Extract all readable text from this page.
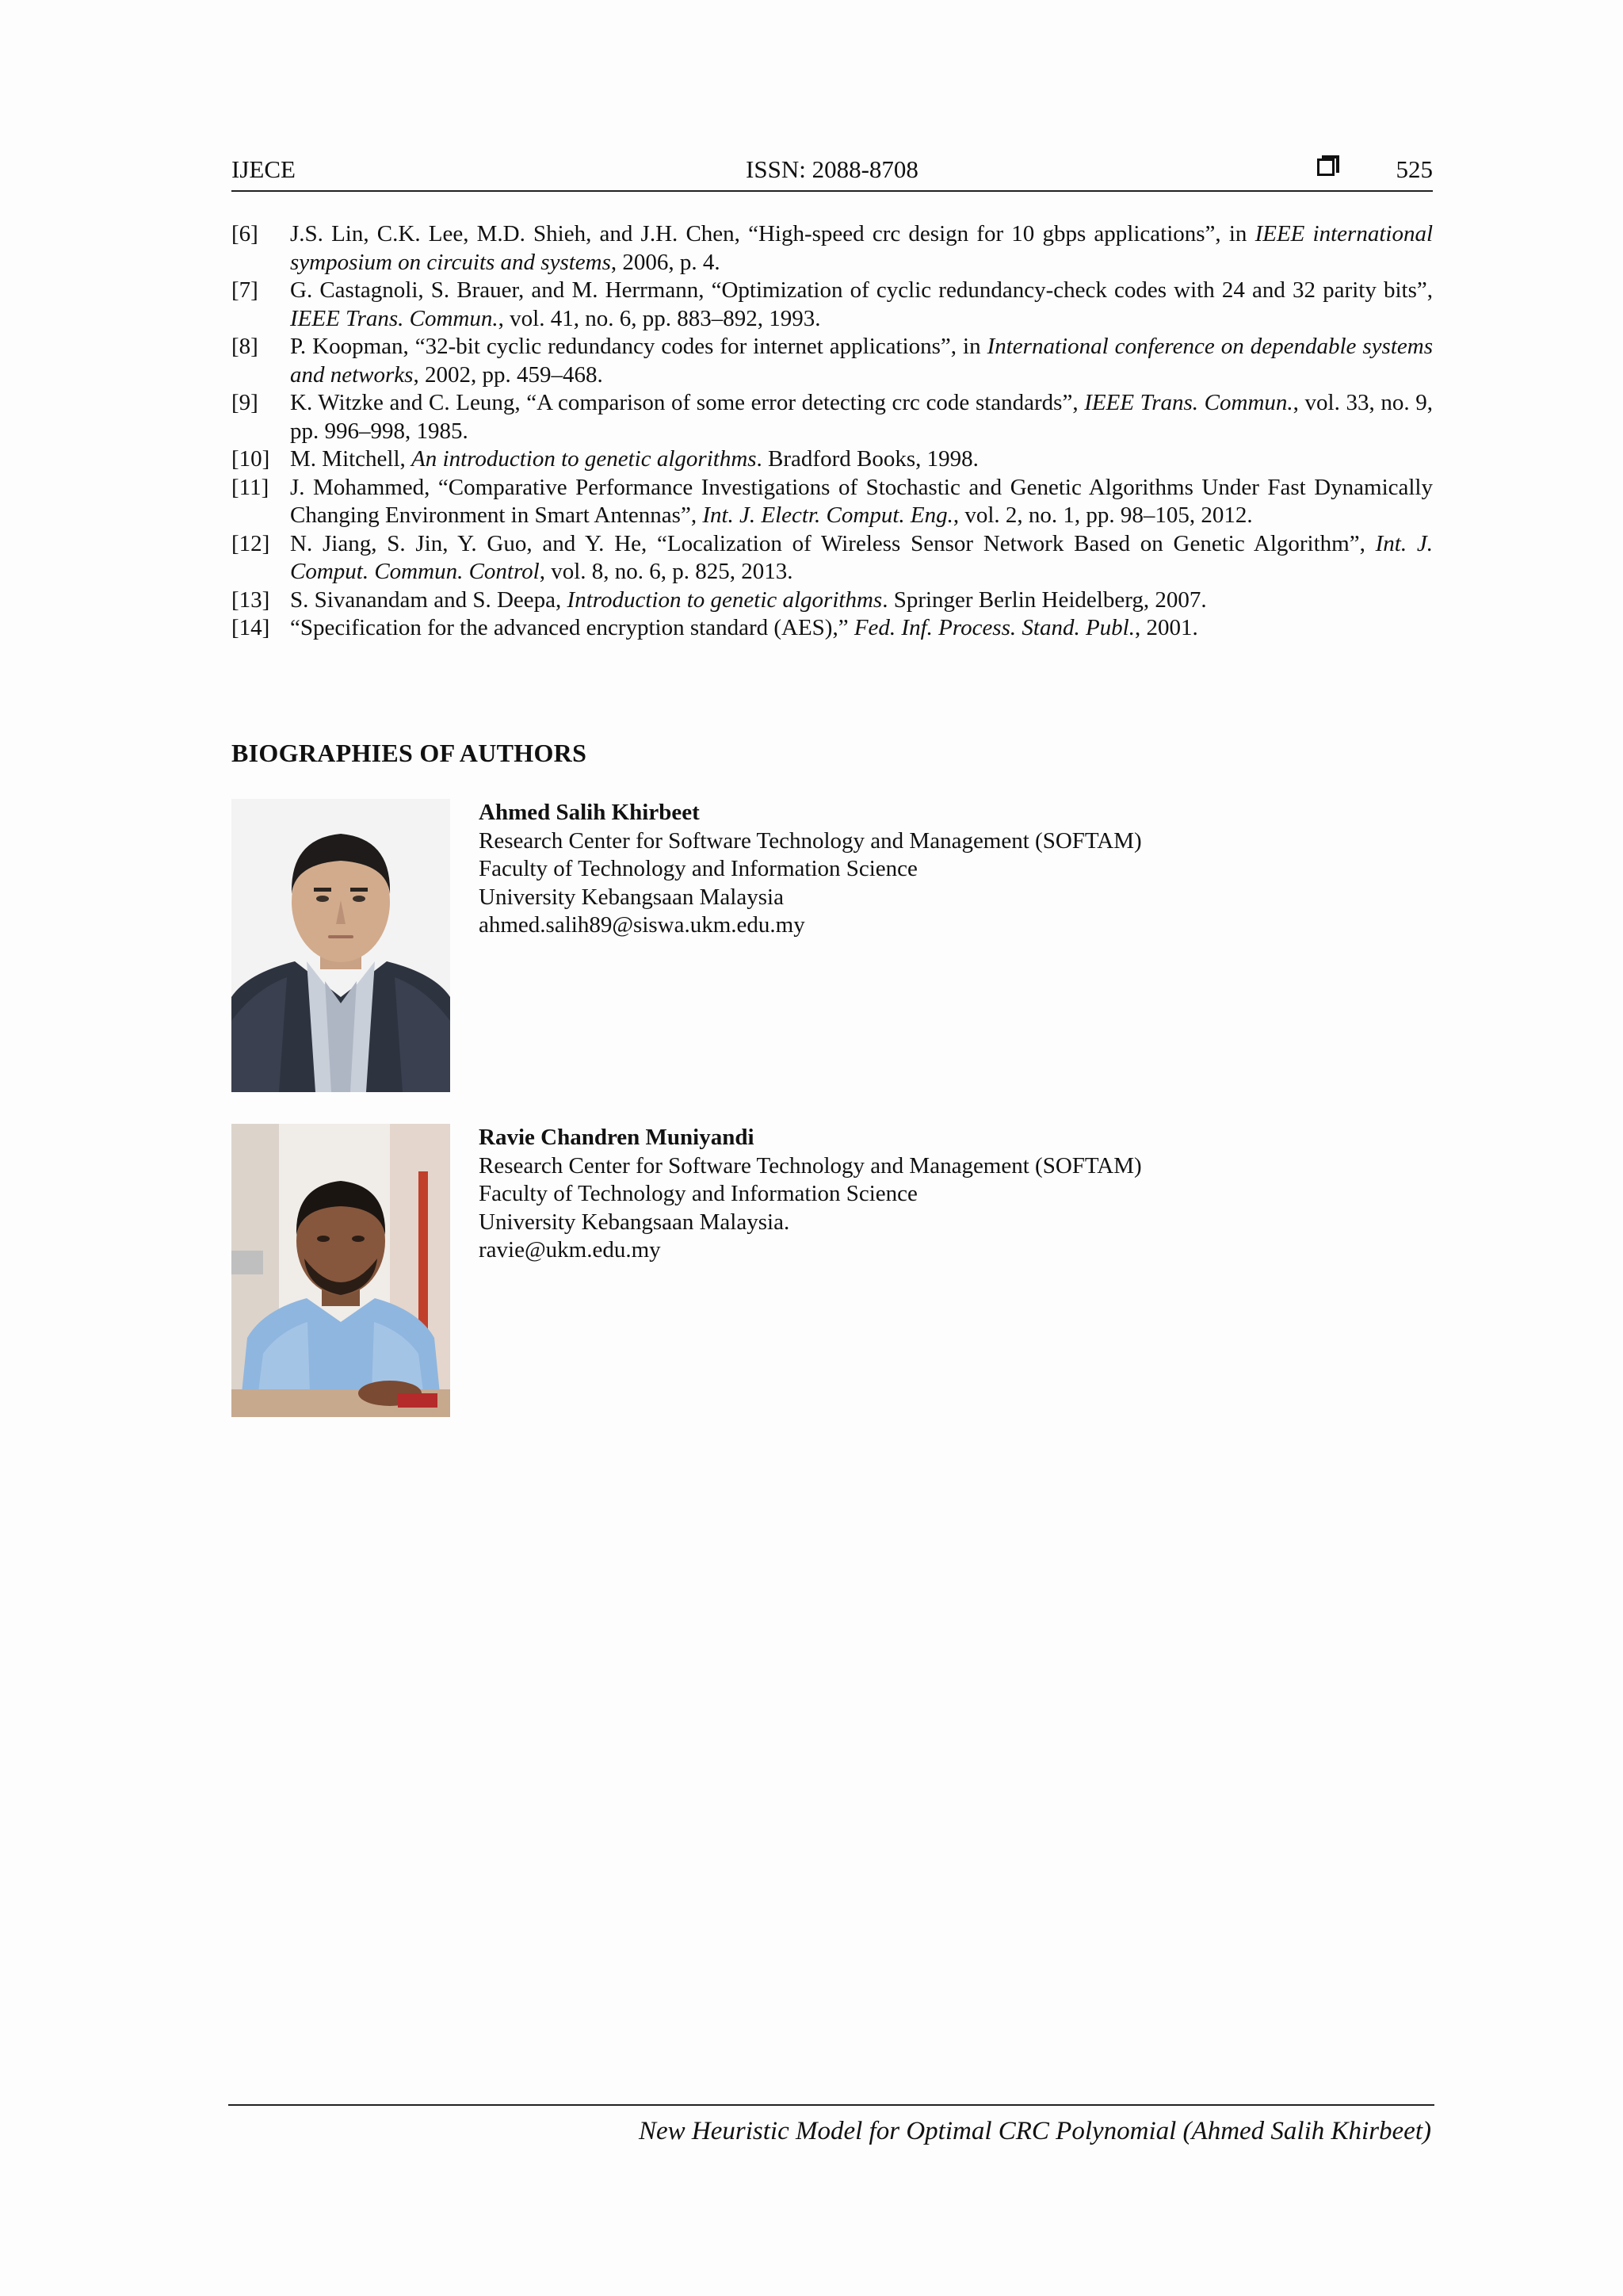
IJECE	ISSN: 2088-8708	525
[6] J.S. Lin, C.K. Lee, M.D. Shieh, and J.H. Chen, “High-speed crc design for 10 gbps applications”, in IEEE international symposium on circuits and systems, 2006, p. 4.
[7] G. Castagnoli, S. Brauer, and M. Herrmann, “Optimization of cyclic redundancy-check codes with 24 and 32 parity bits”, IEEE Trans. Commun., vol. 41, no. 6, pp. 883–892, 1993.
[8] P. Koopman, “32-bit cyclic redundancy codes for internet applications”, in International conference on dependable systems and networks, 2002, pp. 459–468.
[9] K. Witzke and C. Leung, “A comparison of some error detecting crc code standards”, IEEE Trans. Commun., vol. 33, no. 9, pp. 996–998, 1985.
[10] M. Mitchell, An introduction to genetic algorithms. Bradford Books, 1998.
[11] J. Mohammed, “Comparative Performance Investigations of Stochastic and Genetic Algorithms Under Fast Dynamically Changing Environment in Smart Antennas”, Int. J. Electr. Comput. Eng., vol. 2, no. 1, pp. 98–105, 2012.
[12] N. Jiang, S. Jin, Y. Guo, and Y. He, “Localization of Wireless Sensor Network Based on Genetic Algorithm”, Int. J. Comput. Commun. Control, vol. 8, no. 6, p. 825, 2013.
[13] S. Sivanandam and S. Deepa, Introduction to genetic algorithms. Springer Berlin Heidelberg, 2007.
[14] “Specification for the advanced encryption standard (AES),” Fed. Inf. Process. Stand. Publ., 2001.
BIOGRAPHIES OF AUTHORS
Ahmed Salih Khirbeet
Research Center for Software Technology and Management (SOFTAM)
Faculty of Technology and Information Science
University Kebangsaan Malaysia
ahmed.salih89@siswa.ukm.edu.my
Ravie Chandren Muniyandi
Research Center for Software Technology and Management (SOFTAM)
Faculty of Technology and Information Science
University Kebangsaan Malaysia.
ravie@ukm.edu.my
New Heuristic Model for Optimal CRC Polynomial (Ahmed Salih Khirbeet)
